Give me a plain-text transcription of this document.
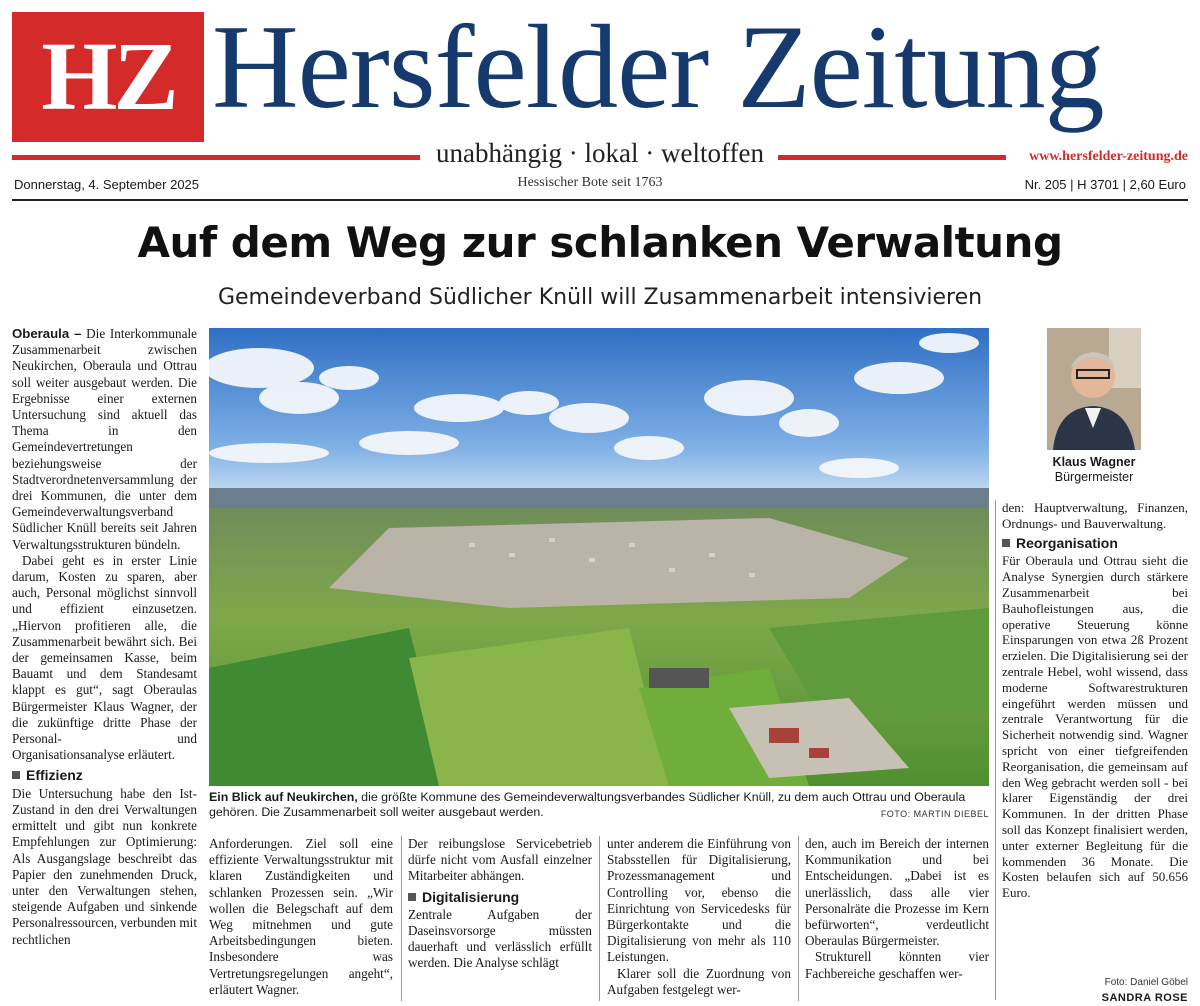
HZ Hersfelder Zeitung
unabhängig · lokal · weltoffen	www.hersfelder-zeitung.de
Donnerstag, 4. September 2025	Hessischer Bote seit 1763	Nr. 205 | H 3701 | 2,60 Euro
Auf dem Weg zur schlanken Verwaltung
Gemeindeverband Südlicher Knüll will Zusammenarbeit intensivieren

Oberaula – Die Interkommunale Zusammenarbeit zwischen Neukirchen, Oberaula und Ottrau soll weiter ausgebaut werden. Die Ergebnisse einer externen Untersuchung sind aktuell das Thema in den Gemeindevertretungen beziehungsweise der Stadtverordnetenversammlung der drei Kommunen, die unter dem Gemeindeverwaltungsverband Südlicher Knüll bereits seit Jahren Verwaltungsstrukturen bündeln.

Dabei geht es in erster Linie darum, Kosten zu sparen, aber auch, Personal möglichst sinnvoll und effizient einzusetzen. „Hiervon profitieren alle, die Zusammenarbeit bewährt sich. Bei der gemeinsamen Kasse, beim Bauamt und dem Standesamt klappt es gut“, sagt Oberaulas Bürgermeister Klaus Wagner, der die zukünftige dritte Phase der Personal- und Organisationsanalyse erläutert.

Effizienz

Die Untersuchung habe den Ist-Zustand in den drei Verwaltungen ermittelt und gibt nun konkrete Empfehlungen zur Optimierung: Als Ausgangslage beschreibt das Papier den zunehmenden Druck, unter den Verwaltungen stehen, steigende Aufgaben und sinkende Personalressourcen, verbunden mit rechtlichen

Ein Blick auf Neukirchen, die größte Kommune des Gemeindeverwaltungsverbandes Südlicher Knüll, zu dem auch Ottrau und Oberaula gehören. Die Zusammenarbeit soll weiter ausgebaut werden.	FOTO: MARTIN DIEBEL
Klaus Wagner
Bürgermeister

Anforderungen. Ziel soll eine effiziente Verwaltungsstruktur mit klaren Zuständigkeiten und schlanken Prozessen sein. „Wir wollen die Belegschaft auf dem Weg mitnehmen und gute Arbeitsbedingungen bieten. Insbesondere was Vertretungsregelungen angeht“, erläutert Wagner.

Der reibungslose Servicebetrieb dürfe nicht vom Ausfall einzelner Mitarbeiter abhängen.

Digitalisierung

Zentrale Aufgaben der Daseinsvorsorge müssten dauerhaft und verlässlich erfüllt werden. Die Analyse schlägt

unter anderem die Einführung von Stabsstellen für Digitalisierung, Prozessmanagement und Controlling vor, ebenso die Einrichtung von Servicedesks für Bürgerkontakte und die Digitalisierung von mehr als 110 Leistungen.

Klarer soll die Zuordnung von Aufgaben festgelegt wer-

den, auch im Bereich der internen Kommunikation und bei Entscheidungen. „Dabei ist es unerlässlich, dass alle vier Personalräte die Prozesse im Kern befürworten“, verdeutlicht Oberaulas Bürgermeister.

Strukturell könnten vier Fachbereiche geschaffen wer-

den: Hauptverwaltung, Finanzen, Ordnungs- und Bauverwaltung.

Reorganisation

Für Oberaula und Ottrau sieht die Analyse Synergien durch stärkere Zusammenarbeit bei Bauhofleistungen aus, die operative Steuerung könne Einsparungen von etwa 2ß Prozent erzielen. Die Digitalisierung sei der zentrale Hebel, wohl wissend, dass moderne Softwarestrukturen eingeführt werden müssen und zentrale Verantwortung für die Sicherheit notwendig sind. Wagner spricht von einer tiefgreifenden Reorganisation, die gemeinsam auf den Weg gebracht werden soll - bei klarer Eigenständig der drei Kommunen. In der dritten Phase soll das Konzept finalisiert werden, unter externer Begleitung für die kommenden 36 Monate. Die Kosten belaufen sich auf 50.656 Euro.

Foto: Daniel Göbel
SANDRA ROSE
